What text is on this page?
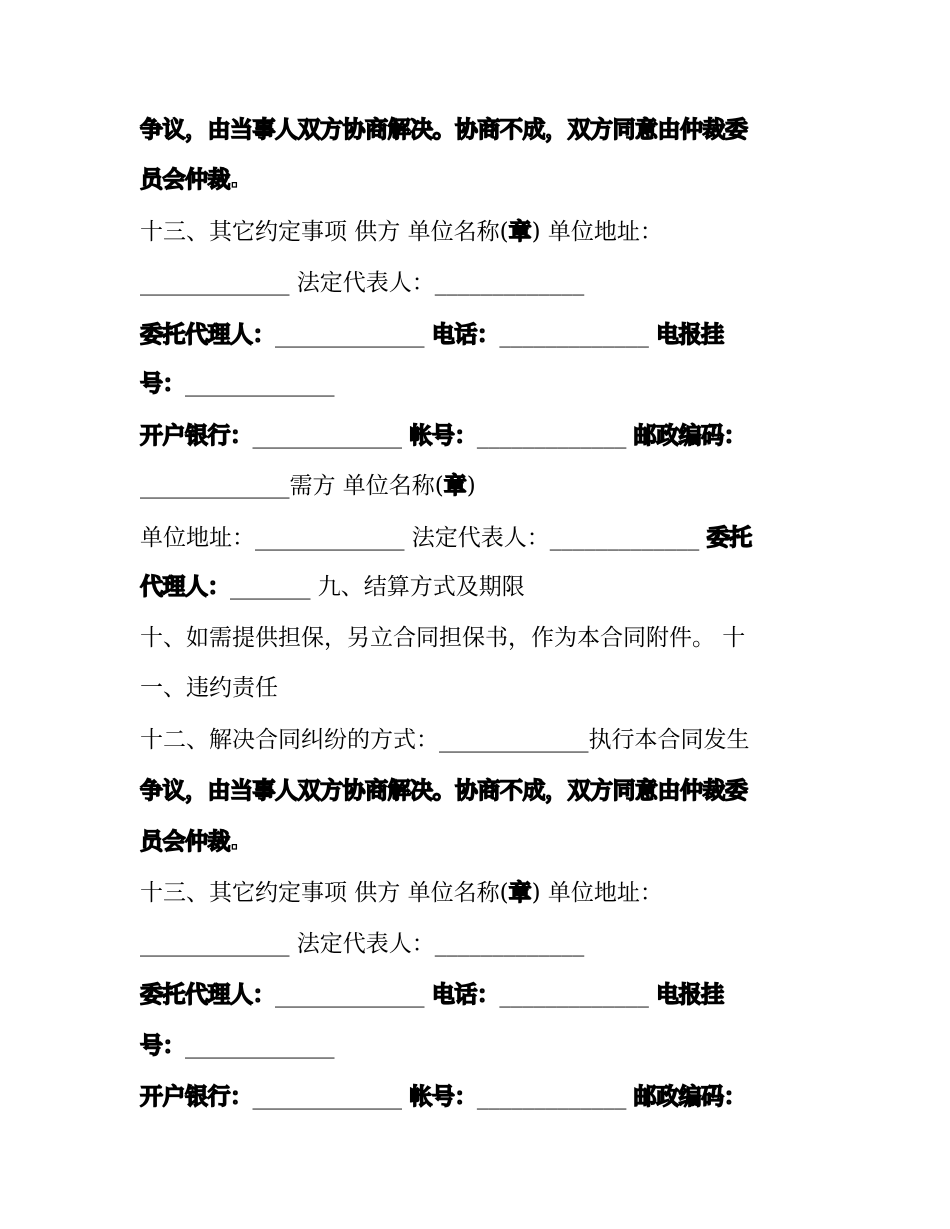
争议，由当事人双方协商解决。协商不成，双方同意由仲裁委
员会仲裁.
十三、其它约定事项 供方 单位名称(章) 单位地址：
_____________ 法定代表人：_____________
委托代理人：_____________ 电话：_____________ 电报挂
号：_____________
开户银行：_____________ 帐号：_____________ 邮政编码：
_____________需方 单位名称(章)
单位地址：_____________ 法定代表人：_____________ 委托
代理人：_______ 九、结算方式及期限
十、如需提供担保，另立合同担保书，作为本合同附件。 十
一、违约责任
十二、解决合同纠纷的方式：_____________执行本合同发生
争议，由当事人双方协商解决。协商不成，双方同意由仲裁委
员会仲裁.
十三、其它约定事项 供方 单位名称(章) 单位地址：
_____________ 法定代表人：_____________
委托代理人：_____________ 电话：_____________ 电报挂
号：_____________
开户银行：_____________ 帐号：_____________ 邮政编码：
